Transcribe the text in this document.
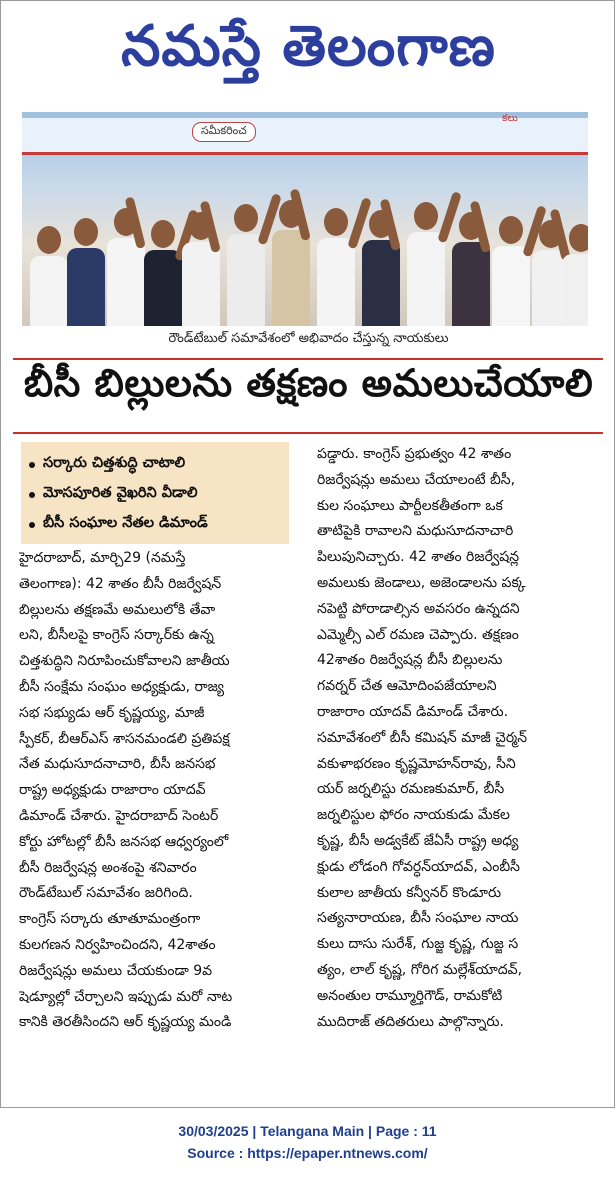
నమస్తే తెలంగాణ
సమీకరించ
కలు
రౌండ్‌టేబుల్ సమావేశంలో అభివాదం చేస్తున్న నాయకులు
బీసీ బిల్లులను తక్షణం అమలుచేయాలి
సర్కారు చిత్తశుద్ధి చాటాలి
మోసపూరిత వైఖరిని వీడాలి
బీసీ సంఘాల నేతల డిమాండ్

హైదరాబాద్, మార్చి29 (నమస్తే

తెలంగాణ): 42 శాతం బీసీ రిజర్వేషన్

బిల్లులను తక్షణమే అమలులోకి తేవా

లని, బీసీలపై కాంగ్రెస్ సర్కార్‌కు ఉన్న

చిత్తశుద్ధిని నిరూపించుకోవాలని జాతీయ

బీసీ సంక్షేమ సంఘం అధ్యక్షుడు, రాజ్య

సభ సభ్యుడు ఆర్ కృష్ణయ్య, మాజీ

స్పీకర్, బీఆర్‌ఎస్ శాసనమండలి ప్రతిపక్ష

నేత మధుసూదనాచారి, బీసీ జనసభ

రాష్ట్ర అధ్యక్షుడు రాజారాం యాదవ్

డిమాండ్ చేశారు. హైదరాబాద్ సెంటర్

కోర్టు హోటల్లో బీసీ జనసభ ఆధ్వర్యంలో

బీసీ రిజర్వేషన్ల అంశంపై శనివారం

రౌండ్‌టేబుల్ సమావేశం జరిగింది.

కాంగ్రెస్ సర్కారు తూతూమంత్రంగా

కులగణన నిర్వహించిందని, 42శాతం

రిజర్వేషన్లు అమలు చేయకుండా 9వ

షెడ్యూల్లో చేర్చాలని ఇప్పుడు మరో నాట

కానికి తెరతీసిందని ఆర్ కృష్ణయ్య మండి

పడ్డారు. కాంగ్రెస్ ప్రభుత్వం 42 శాతం

రిజర్వేషన్లు అమలు చేయాలంటే బీసీ,

కుల సంఘాలు పార్టీలకతీతంగా ఒక

తాటిపైకి రావాలని మధుసూదనాచారి

పిలుపునిచ్చారు. 42 శాతం రిజర్వేషన్ల

అమలుకు జెండాలు, అజెండాలను పక్క

నపెట్టి పోరాడాల్సిన అవసరం ఉన్నదని

ఎమ్మెల్సీ ఎల్ రమణ చెప్పారు. తక్షణం

42శాతం రిజర్వేషన్ల బీసీ బిల్లులను

గవర్నర్ చేత ఆమోదింపజేయాలని

రాజారాం యాదవ్ డిమాండ్ చేశారు.

సమావేశంలో బీసీ కమిషన్ మాజీ చైర్మన్

వకుళాభరణం కృష్ణమోహన్‌రావు, సీని

యర్ జర్నలిస్టు రమణకుమార్, బీసీ

జర్నలిస్టుల ఫోరం నాయకుడు మేకల

కృష్ణ, బీసీ అడ్వకేట్ జేఏసీ రాష్ట్ర అధ్య

క్షుడు లోడంగి గోవర్ధన్‌యాదవ్, ఎంబీసీ

కులాల జాతీయ కన్వీనర్ కొండూరు

సత్యనారాయణ, బీసీ సంఘాల నాయ

కులు దాసు సురేశ్, గుజ్జ కృష్ణ, గుజ్జ స

త్యం, లాల్ కృష్ణ, గోరిగ మల్లేశ్‌యాదవ్,

అనంతుల రామ్మూర్తిగౌడ్, రామకోటి

ముదిరాజ్ తదితరులు పాల్గొన్నారు.

30/03/2025 | Telangana Main | Page : 11
Source : https://epaper.ntnews.com/
